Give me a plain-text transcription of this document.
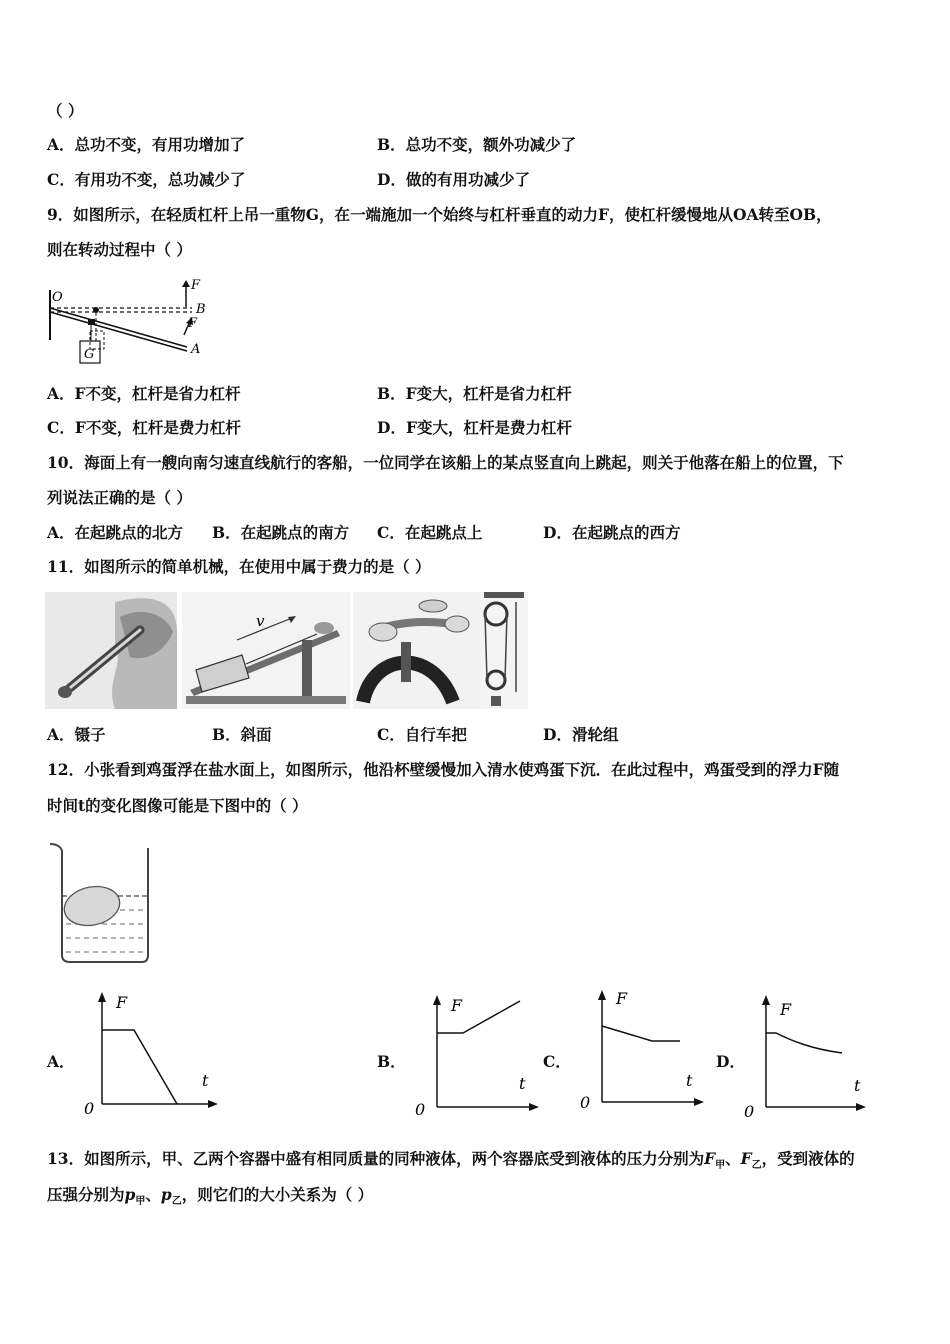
（ ）
A．总功不变，有用功增加了	B．总功不变，额外功减少了
C．有用功不变，总功减少了	D．做的有用功减少了
9．如图所示，在轻质杠杆上吊一重物G，在一端施加一个始终与杠杆垂直的动力F，使杠杆缓慢地从OA转至OB，
则在转动过程中（ ）
O
B
A
F
F
G
A．F不变，杠杆是省力杠杆	B．F变大，杠杆是省力杠杆
C．F不变，杠杆是费力杠杆	D．F变大，杠杆是费力杠杆
10．海面上有一艘向南匀速直线航行的客船，一位同学在该船上的某点竖直向上跳起，则关于他落在船上的位置，下
列说法正确的是（ ）
A．在起跳点的北方 B．在起跳点的南方 C．在起跳点上	D．在起跳点的西方
11．如图所示的简单机械，在使用中属于费力的是（ ）
v
A．镊子	B．斜面	C．自行车把	D．滑轮组
12．小张看到鸡蛋浮在盐水面上，如图所示，他沿杯壁缓慢加入清水使鸡蛋下沉．在此过程中，鸡蛋受到的浮力F随
时间t的变化图像可能是下图中的（ ）
A．
F
t
0
B．
F
t
0
C．
F
t
0
D．
F
t
0
13．如图所示，甲、乙两个容器中盛有相同质量的同种液体，两个容器底受到液体的压力分别为$F_甲$、$F_乙$，受到液体的
压强分别为$p_甲$、$p_乙$，则它们的大小关系为（ ）
